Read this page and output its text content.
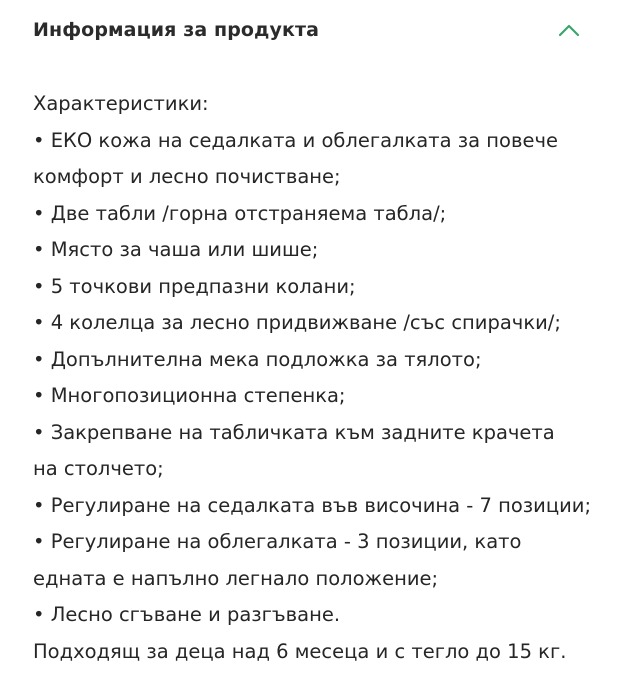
Информация за продукта
Характеристики:
• ЕКО кожа на седалката и облегалката за повече
комфорт и лесно почистване;
• Две табли /горна отстраняема табла/;
• Място за чаша или шише;
• 5 точкови предпазни колани;
• 4 колелца за лесно придвижване /със спирачки/;
• Допълнителна мека подложка за тялото;
• Многопозиционна степенка;
• Закрепване на табличката към задните крачета
на столчето;
• Регулиране на седалката във височина - 7 позиции;
• Регулиране на облегалката - 3 позиции, като
едната е напълно легнало положение;
• Лесно сгъване и разгъване.
Подходящ за деца над 6 месеца и с тегло до 15 кг.
